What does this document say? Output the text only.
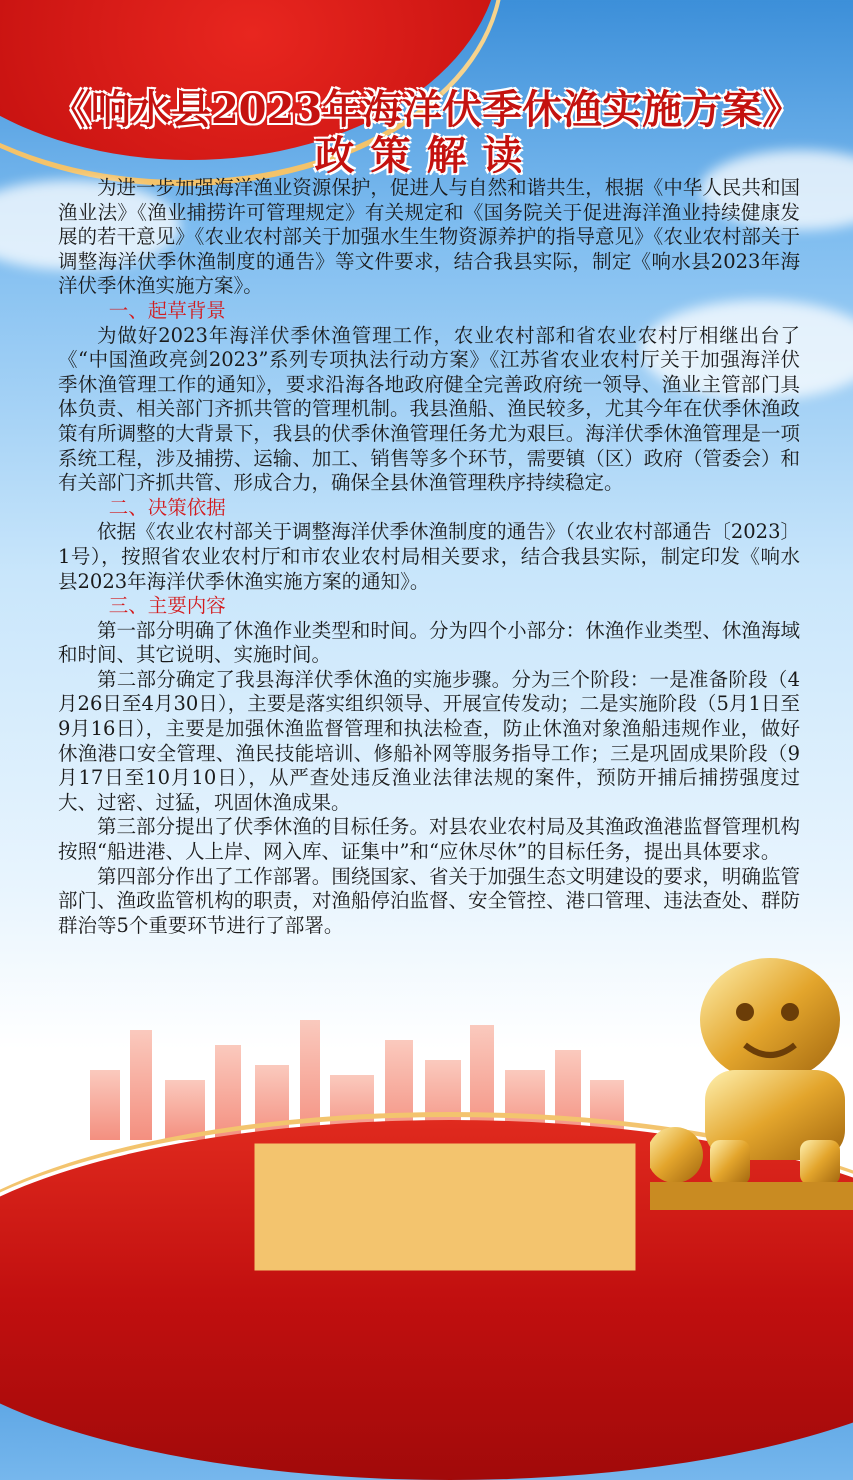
《响水县2023年海洋伏季休渔实施方案》
政策解读

为进一步加强海洋渔业资源保护，促进人与自然和谐共生，根据《中华人民共和国渔业法》《渔业捕捞许可管理规定》有关规定和《国务院关于促进海洋渔业持续健康发展的若干意见》《农业农村部关于加强水生生物资源养护的指导意见》《农业农村部关于调整海洋伏季休渔制度的通告》等文件要求，结合我县实际，制定《响水县2023年海洋伏季休渔实施方案》。

一、起草背景

为做好2023年海洋伏季休渔管理工作，农业农村部和省农业农村厅相继出台了《“中国渔政亮剑2023”系列专项执法行动方案》《江苏省农业农村厅关于加强海洋伏季休渔管理工作的通知》，要求沿海各地政府健全完善政府统一领导、渔业主管部门具体负责、相关部门齐抓共管的管理机制。我县渔船、渔民较多，尤其今年在伏季休渔政策有所调整的大背景下，我县的伏季休渔管理任务尤为艰巨。海洋伏季休渔管理是一项系统工程，涉及捕捞、运输、加工、销售等多个环节，需要镇（区）政府（管委会）和有关部门齐抓共管、形成合力，确保全县休渔管理秩序持续稳定。

二、决策依据

依据《农业农村部关于调整海洋伏季休渔制度的通告》（农业农村部通告〔2023〕1号），按照省农业农村厅和市农业农村局相关要求，结合我县实际，制定印发《响水县2023年海洋伏季休渔实施方案的通知》。

三、主要内容

第一部分明确了休渔作业类型和时间。分为四个小部分：休渔作业类型、休渔海域和时间、其它说明、实施时间。

第二部分确定了我县海洋伏季休渔的实施步骤。分为三个阶段：一是准备阶段（4月26日至4月30日），主要是落实组织领导、开展宣传发动；二是实施阶段（5月1日至9月16日），主要是加强休渔监督管理和执法检查，防止休渔对象渔船违规作业，做好休渔港口安全管理、渔民技能培训、修船补网等服务指导工作；三是巩固成果阶段（9月17日至10月10日），从严查处违反渔业法律法规的案件，预防开捕后捕捞强度过大、过密、过猛，巩固休渔成果。

第三部分提出了伏季休渔的目标任务。对县农业农村局及其渔政渔港监督管理机构按照“船进港、人上岸、网入库、证集中”和“应休尽休”的目标任务，提出具体要求。

第四部分作出了工作部署。围绕国家、省关于加强生态文明建设的要求，明确监管部门、渔政监管机构的职责，对渔船停泊监督、安全管控、港口管理、违法查处、群防群治等5个重要环节进行了部署。
